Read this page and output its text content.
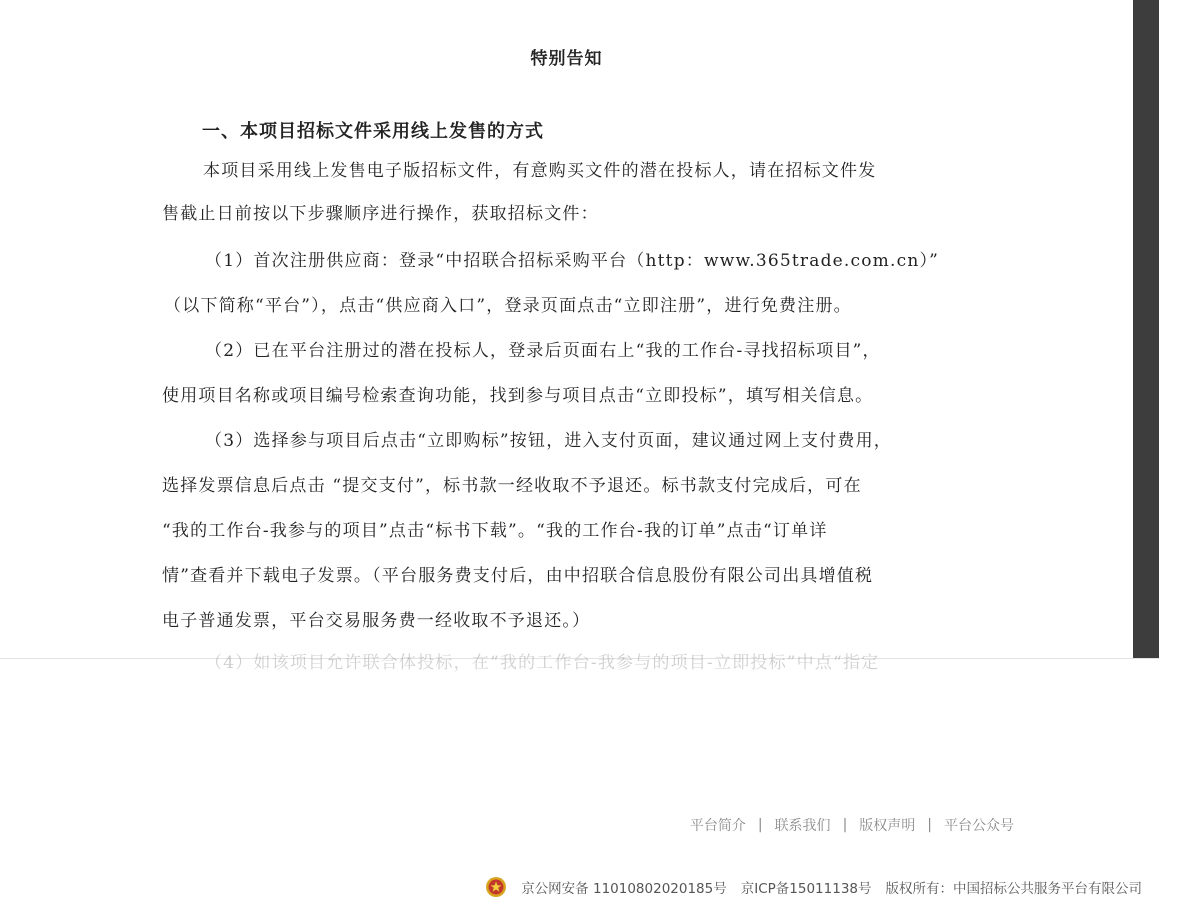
特别告知
一、本项目招标文件采用线上发售的方式
本项目采用线上发售电子版招标文件，有意购买文件的潜在投标人，请在招标文件发
售截止日前按以下步骤顺序进行操作，获取招标文件：
（1）首次注册供应商：登录“中招联合招标采购平台（http：www.365trade.com.cn）”
（以下简称“平台”），点击“供应商入口”，登录页面点击“立即注册”，进行免费注册。
（2）已在平台注册过的潜在投标人，登录后页面右上“我的工作台-寻找招标项目”，
使用项目名称或项目编号检索查询功能，找到参与项目点击“立即投标”，填写相关信息。
（3）选择参与项目后点击“立即购标”按钮，进入支付页面，建议通过网上支付费用，
选择发票信息后点击 “提交支付”，标书款一经收取不予退还。标书款支付完成后，可在
“我的工作台-我参与的项目”点击“标书下载”。“我的工作台-我的订单”点击“订单详
情”查看并下载电子发票。（平台服务费支付后，由中招联合信息股份有限公司出具增值税
电子普通发票，平台交易服务费一经收取不予退还。）
（4）如该项目允许联合体投标，在“我的工作台-我参与的项目-立即投标”中点“指定
平台简介 | 联系我们 | 版权声明 | 平台公众号
京公网安备 11010802020185号 京ICP备15011138号 版权所有：中国招标公共服务平台有限公司
